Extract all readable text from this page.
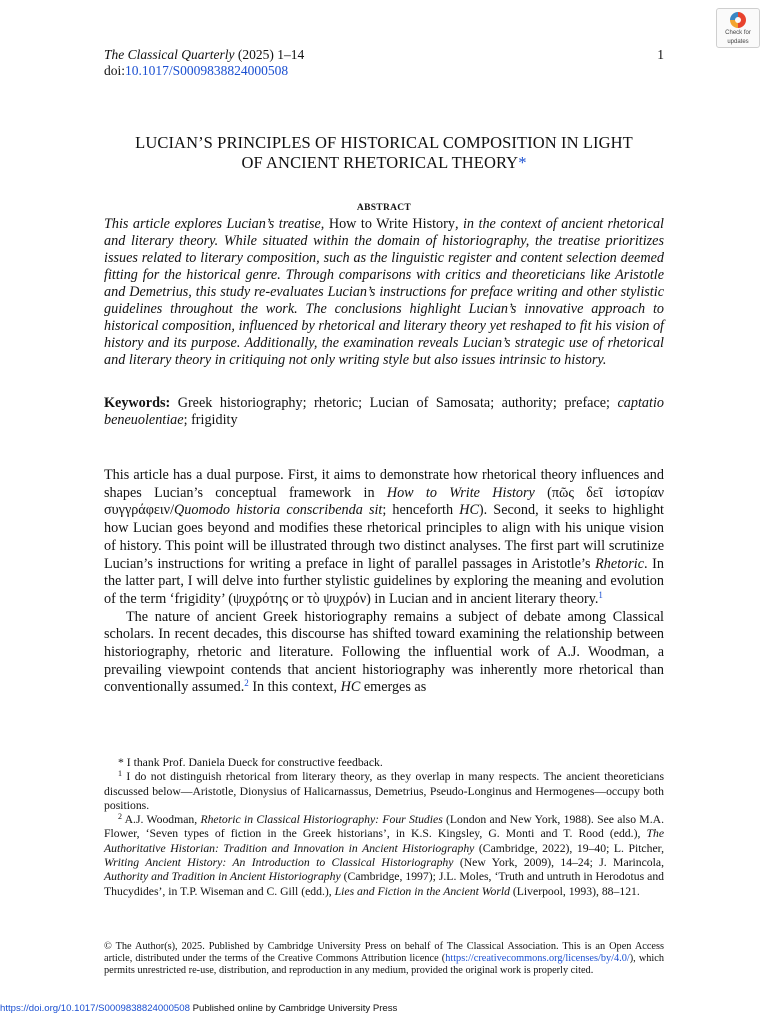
The Classical Quarterly (2025) 1–14
doi:10.1017/S0009838824000508
1
Check for
updates
LUCIAN’S PRINCIPLES OF HISTORICAL COMPOSITION IN LIGHT
OF ANCIENT RHETORICAL THEORY*
ABSTRACT
This article explores Lucian’s treatise, How to Write History, in the context of ancient rhetorical and literary theory. While situated within the domain of historiography, the treatise prioritizes issues related to literary composition, such as the linguistic register and content selection deemed fitting for the historical genre. Through comparisons with critics and theoreticians like Aristotle and Demetrius, this study re-evaluates Lucian’s instructions for preface writing and other stylistic guidelines throughout the work. The conclusions highlight Lucian’s innovative approach to historical composition, influenced by rhetorical and literary theory yet reshaped to fit his vision of history and its purpose. Additionally, the examination reveals Lucian’s strategic use of rhetorical and literary theory in critiquing not only writing style but also issues intrinsic to history.
Keywords: Greek historiography; rhetoric; Lucian of Samosata; authority; preface; captatio beneuolentiae; frigidity

This article has a dual purpose. First, it aims to demonstrate how rhetorical theory influences and shapes Lucian’s conceptual framework in How to Write History (πῶς δεῖ ἱστορίαν συγγράφειν/Quomodo historia conscribenda sit; henceforth HC). Second, it seeks to highlight how Lucian goes beyond and modifies these rhetorical principles to align with his unique vision of history. This point will be illustrated through two distinct analyses. The first part will scrutinize Lucian’s instructions for writing a preface in light of parallel passages in Aristotle’s Rhetoric. In the latter part, I will delve into further stylistic guidelines by exploring the meaning and evolution of the term ‘frigidity’ (ψυχρότης or τὸ ψυχρόν) in Lucian and in ancient literary theory.$^1$

The nature of ancient Greek historiography remains a subject of debate among Classical scholars. In recent decades, this discourse has shifted toward examining the relationship between historiography, rhetoric and literature. Following the influential work of A.J. Woodman, a prevailing viewpoint contends that ancient historiography was inherently more rhetorical than conventionally assumed.$^2$ In this context, HC emerges as

* I thank Prof. Daniela Dueck for constructive feedback.

$^1$ I do not distinguish rhetorical from literary theory, as they overlap in many respects. The ancient theoreticians discussed below—Aristotle, Dionysius of Halicarnassus, Demetrius, Pseudo-Longinus and Hermogenes—occupy both positions.

$^2$ A.J. Woodman, Rhetoric in Classical Historiography: Four Studies (London and New York, 1988). See also M.A. Flower, ‘Seven types of fiction in the Greek historians’, in K.S. Kingsley, G. Monti and T. Rood (edd.), The Authoritative Historian: Tradition and Innovation in Ancient Historiography (Cambridge, 2022), 19–40; L. Pitcher, Writing Ancient History: An Introduction to Classical Historiography (New York, 2009), 14–24; J. Marincola, Authority and Tradition in Ancient Historiography (Cambridge, 1997); J.L. Moles, ‘Truth and untruth in Herodotus and Thucydides’, in T.P. Wiseman and C. Gill (edd.), Lies and Fiction in the Ancient World (Liverpool, 1993), 88–121.

© The Author(s), 2025. Published by Cambridge University Press on behalf of The Classical Association. This is an Open Access article, distributed under the terms of the Creative Commons Attribution licence (https://creativecommons.org/licenses/by/4.0/), which permits unrestricted re-use, distribution, and reproduction in any medium, provided the original work is properly cited.
https://doi.org/10.1017/S0009838824000508 Published online by Cambridge University Press
